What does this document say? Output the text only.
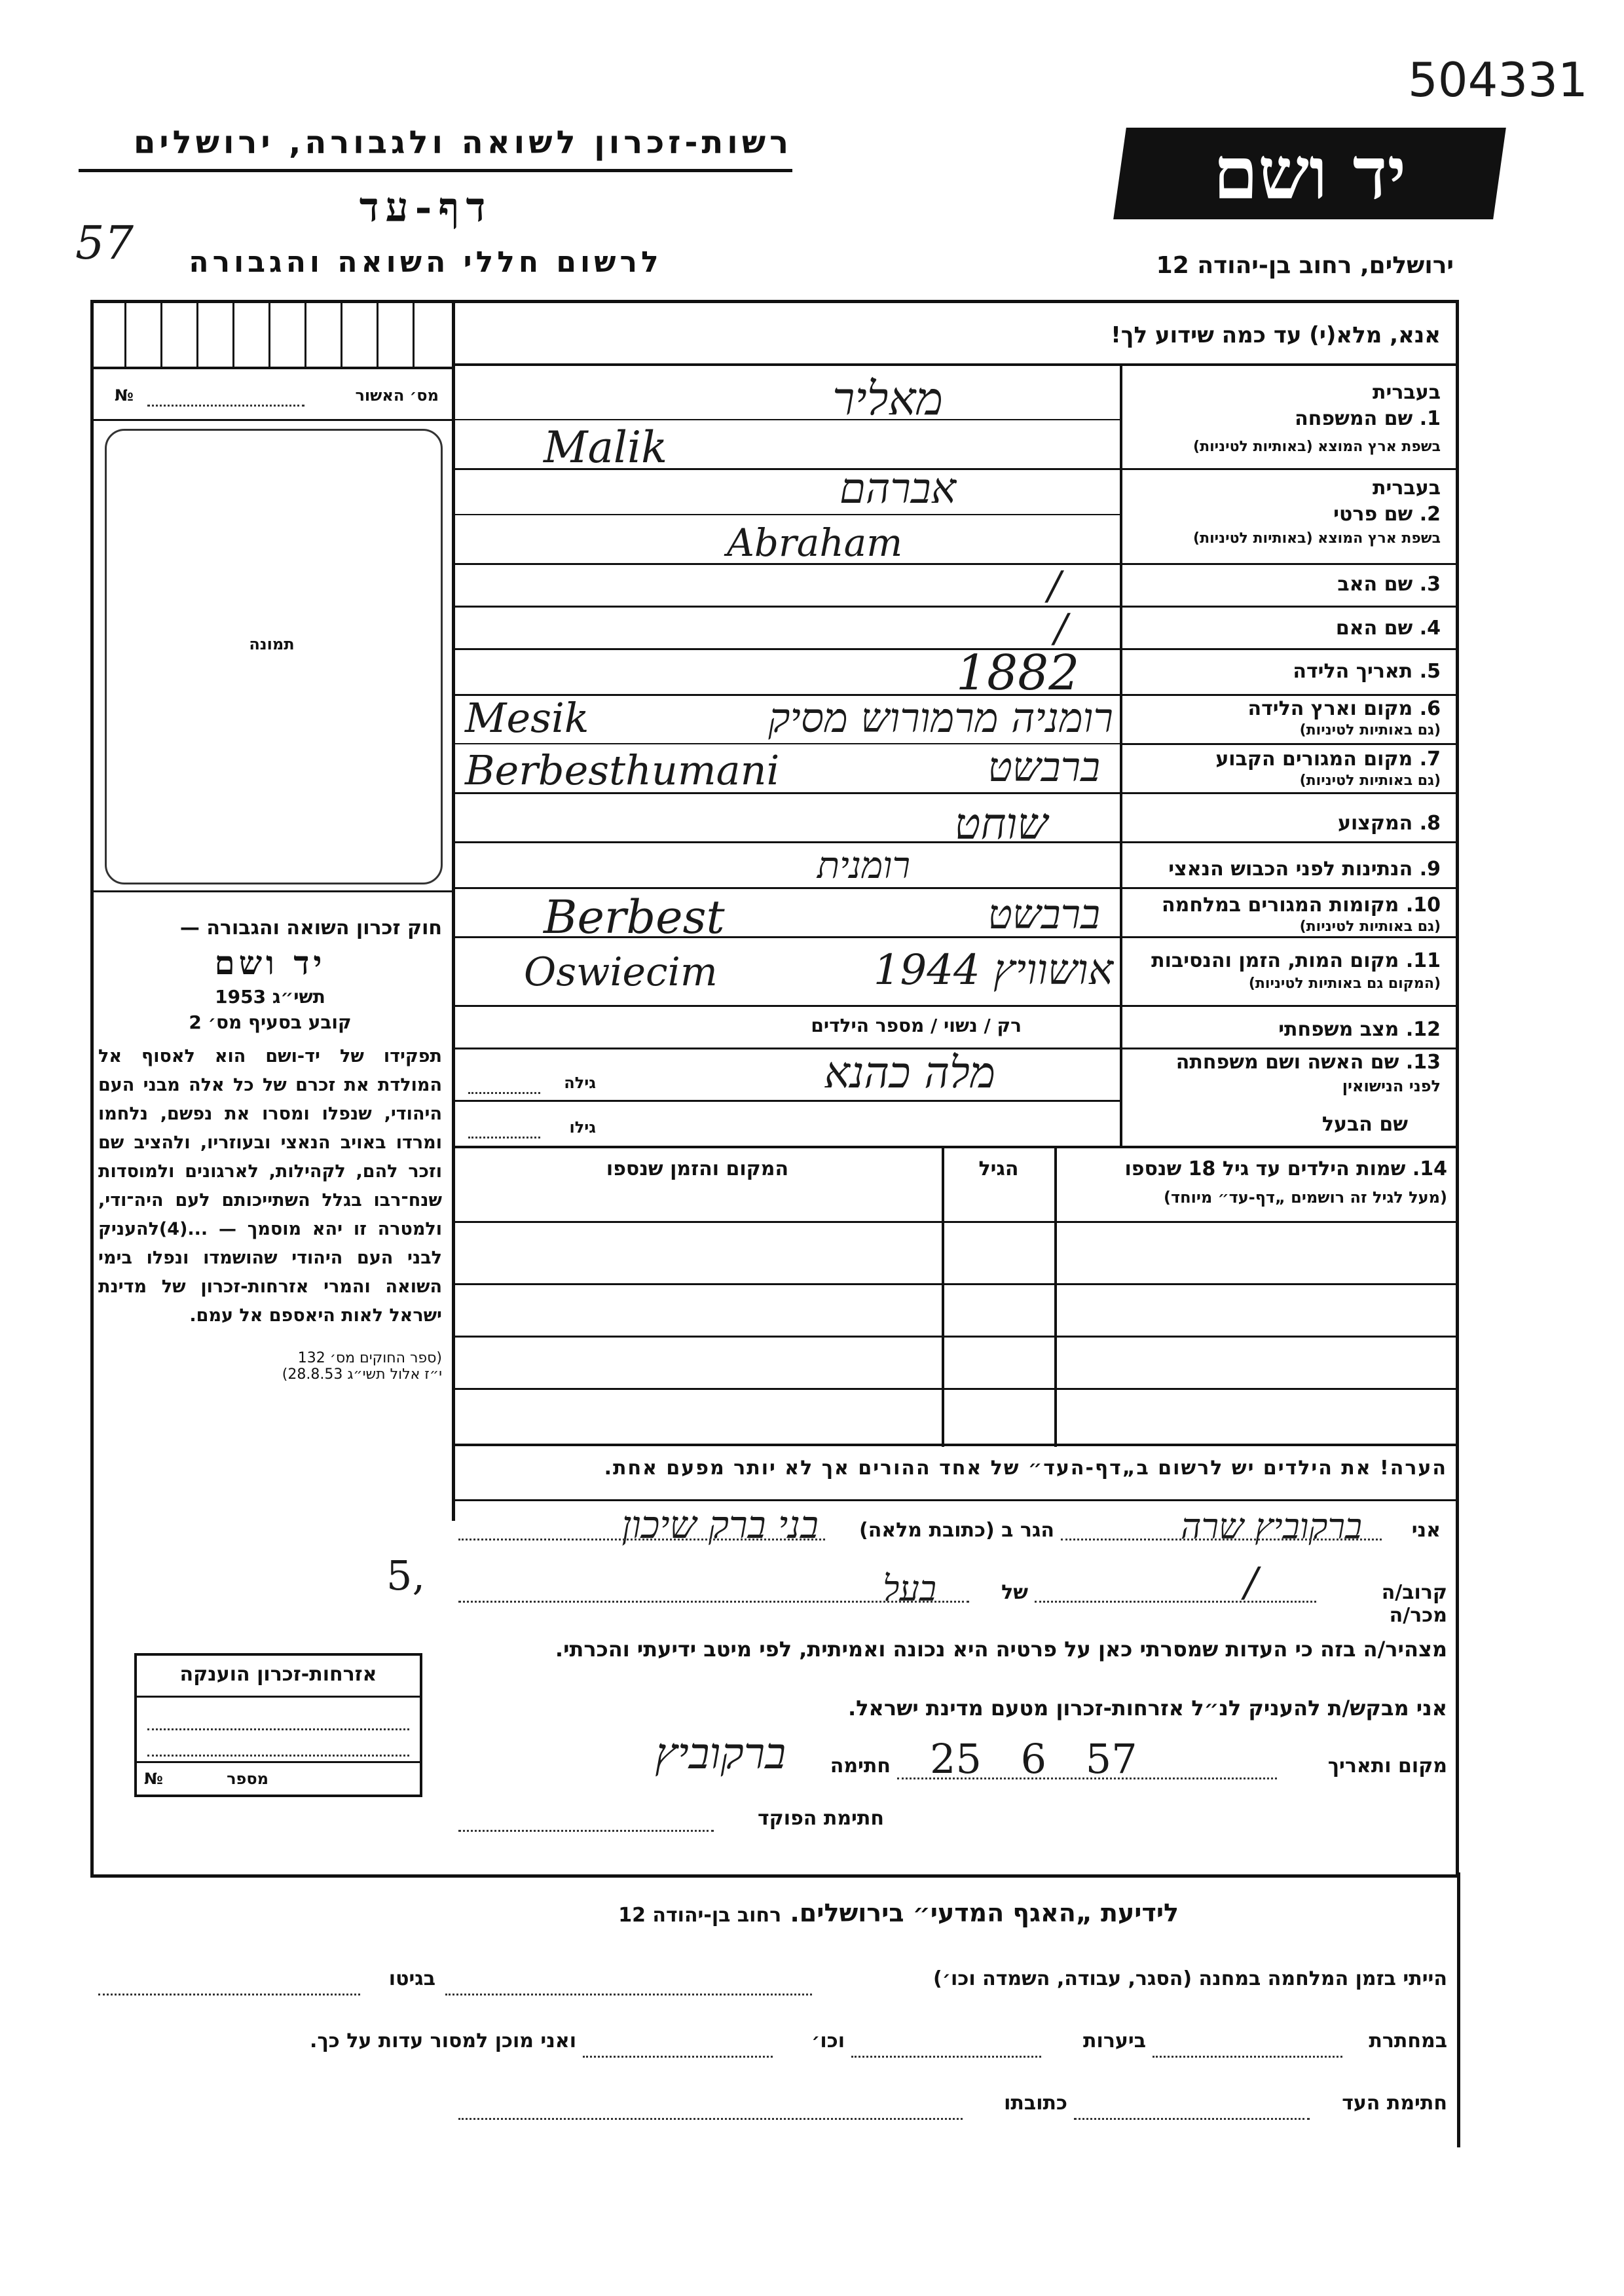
504331
57
רשות-זכרון לשואה ולגבורה, ירושלים
דף-עד
לרשום חללי השואה והגבורה
יד ושם
ירושלים, רחוב בן-יהודה 12
מס׳ האשור
№
תמונה
חוק זכרון השואה והגבורה —
יד ושם
תשי״ג 1953
קובע בסעיף מס׳ 2
תפקידו של יד-ושם הוא לאסוף אל המולדת את זכרם של כל אלה מבני העם היהודי, שנפלו ומסרו את נפשם, נלחמו ומרדו באויב הנאצי ובעוזריו, ולהציב שם וזכר להם, לקהילות, לארגונים ולמוסדות שנח־רבו בגלל השתייכותם לעם היה־ודי, ולמטרה זו יהא מוסמך — ...(4)להעניק לבני העם היהודי שהושמדו ונפלו בימי השואה והמרי אזרחות-זכרון של מדינת ישראל לאות היאספם אל עמם.
(ספר החוקים מס׳ 132
י״ז אלול תשי״ג 28.8.53)
אנא, מלא(י) עד כמה שידוע לך!
בעברית
1. שם המשפחה
בשפת ארץ המוצא (באותיות לטיניות)
מאליר
Malik
בעברית
2. שם פרטי
בשפת ארץ המוצא (באותיות לטיניות)
אברהם
Abraham
3. שם האב
/
4. שם האם
/
5. תאריך הלידה
1882
6. מקום וארץ הלידה
(גם באותיות לטיניות)
רומניה מרמורוש מסיק
Mesik
7. מקום המגורים הקבוע
(גם באותיות לטיניות)
ברבשט
Berbesthumani
8. המקצוע
שוחט
9. הנתינות לפני הכבוש הנאצי
רומנית
10. מקומות המגורים במלחמה
(גם באותיות לטיניות)
ברבשט
Berbest
11. מקום המות, הזמן והנסיבות
(המקום גם באותיות לטיניות)
אושוויץ 1944
Oswiecim
12. מצב משפחתי
רק / נשוי / מספר הילדים
13. שם האשה ושם משפחתה
לפני הנישואין
מלה כהנא
גילה
שם הבעל
גילו
14. שמות הילדים עד גיל 18 שנספו
(מעל לגיל זה רושמים „דף-עד״ מיוחד)
הגיל
המקום והזמן שנספו
הערה! את הילדים יש לרשום ב„דף-העד״ של אחד ההורים אך לא יותר מפעם אחת.
אני
ברקוביץ שרה
הגר ב (כתובת מלאה)
בני ברק שיכון
קרוב/ה מכר/ה
/
של
בעל
5,
מצהיר/ה בזה כי העדות שמסרתי כאן על פרטיה היא נכונה ואמיתית, לפי מיטב ידיעתי והכרתי.
אני מבקש/ת להעניק לנ״ל אזרחות-זכרון מטעם מדינת ישראל.
מקום ותאריך
25 6 57
חתימה
ברקוביץ
חתימת הפוקד
אזרחות-זכרון הוענקה
מספר
№
לידיעת „האגף המדעי״ בירושלים. רחוב בן-יהודה 12
הייתי בזמן המלחמה במחנה (הסגר, עבודה, השמדה וכו׳)
בגיטו
במחתרת
ביערות
וכו׳
ואני מוכן למסור עדות על כך.
חתימת העד
כתובתו
